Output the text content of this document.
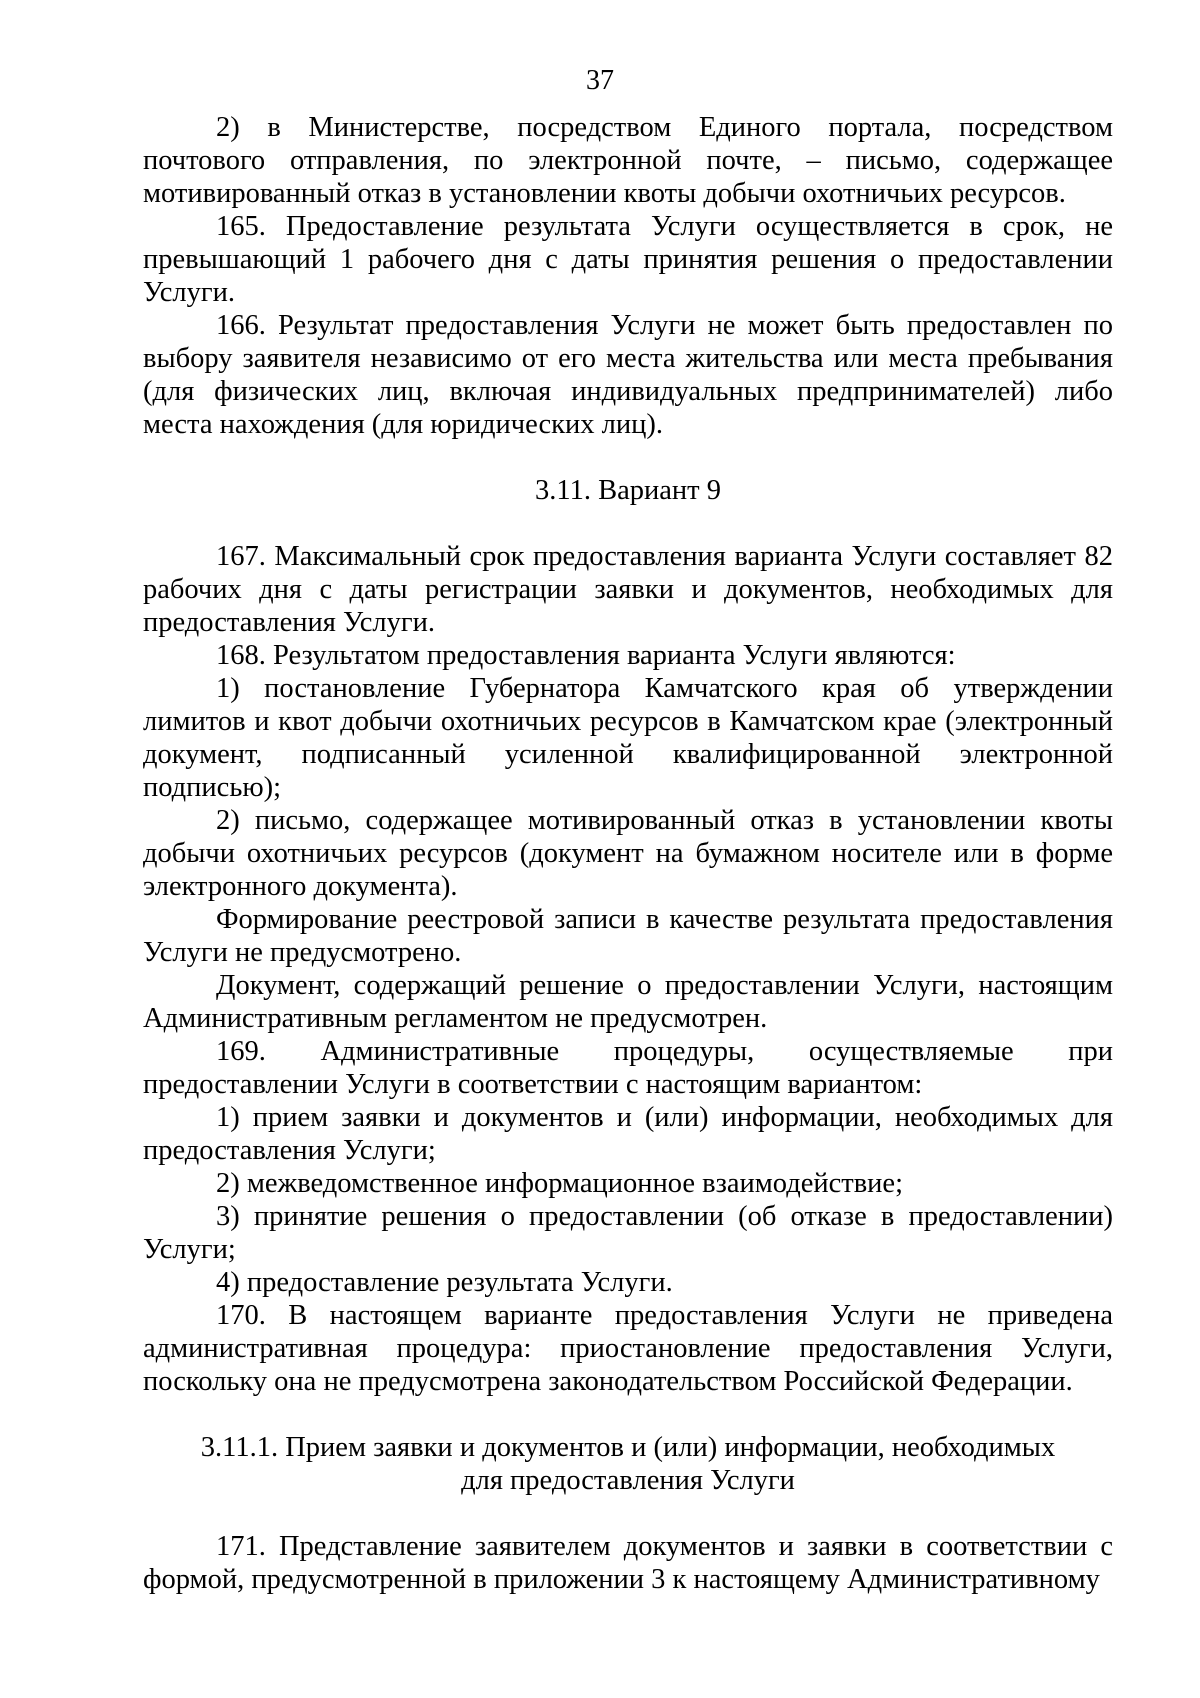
37

2) в Министерстве, посредством Единого портала, посредством почтового отправления, по электронной почте, – письмо, содержащее мотивированный отказ в установлении квоты добычи охотничьих ресурсов.

165. Предоставление результата Услуги осуществляется в срок, не превышающий 1 рабочего дня с даты принятия решения о предоставлении Услуги.

166. Результат предоставления Услуги не может быть предоставлен по выбору заявителя независимо от его места жительства или места пребывания (для физических лиц, включая индивидуальных предпринимателей) либо места нахождения (для юридических лиц).

3.11. Вариант 9

167. Максимальный срок предоставления варианта Услуги составляет 82 рабочих дня с даты регистрации заявки и документов, необходимых для предоставления Услуги.

168. Результатом предоставления варианта Услуги являются:

1) постановление Губернатора Камчатского края об утверждении лимитов и квот добычи охотничьих ресурсов в Камчатском крае (электронный документ, подписанный усиленной квалифицированной электронной подписью);

2) письмо, содержащее мотивированный отказ в установлении квоты добычи охотничьих ресурсов (документ на бумажном носителе или в форме электронного документа).

Формирование реестровой записи в качестве результата предоставления Услуги не предусмотрено.

Документ, содержащий решение о предоставлении Услуги, настоящим Административным регламентом не предусмотрен.

169. Административные процедуры, осуществляемые при предоставлении Услуги в соответствии с настоящим вариантом:

1) прием заявки и документов и (или) информации, необходимых для предоставления Услуги;

2) межведомственное информационное взаимодействие;

3) принятие решения о предоставлении (об отказе в предоставлении) Услуги;

4) предоставление результата Услуги.

170. В настоящем варианте предоставления Услуги не приведена административная процедура: приостановление предоставления Услуги, поскольку она не предусмотрена законодательством Российской Федерации.

3.11.1. Прием заявки и документов и (или) информации, необходимых
для предоставления Услуги

171. Представление заявителем документов и заявки в соответствии с формой, предусмотренной в приложении 3 к настоящему Административному
